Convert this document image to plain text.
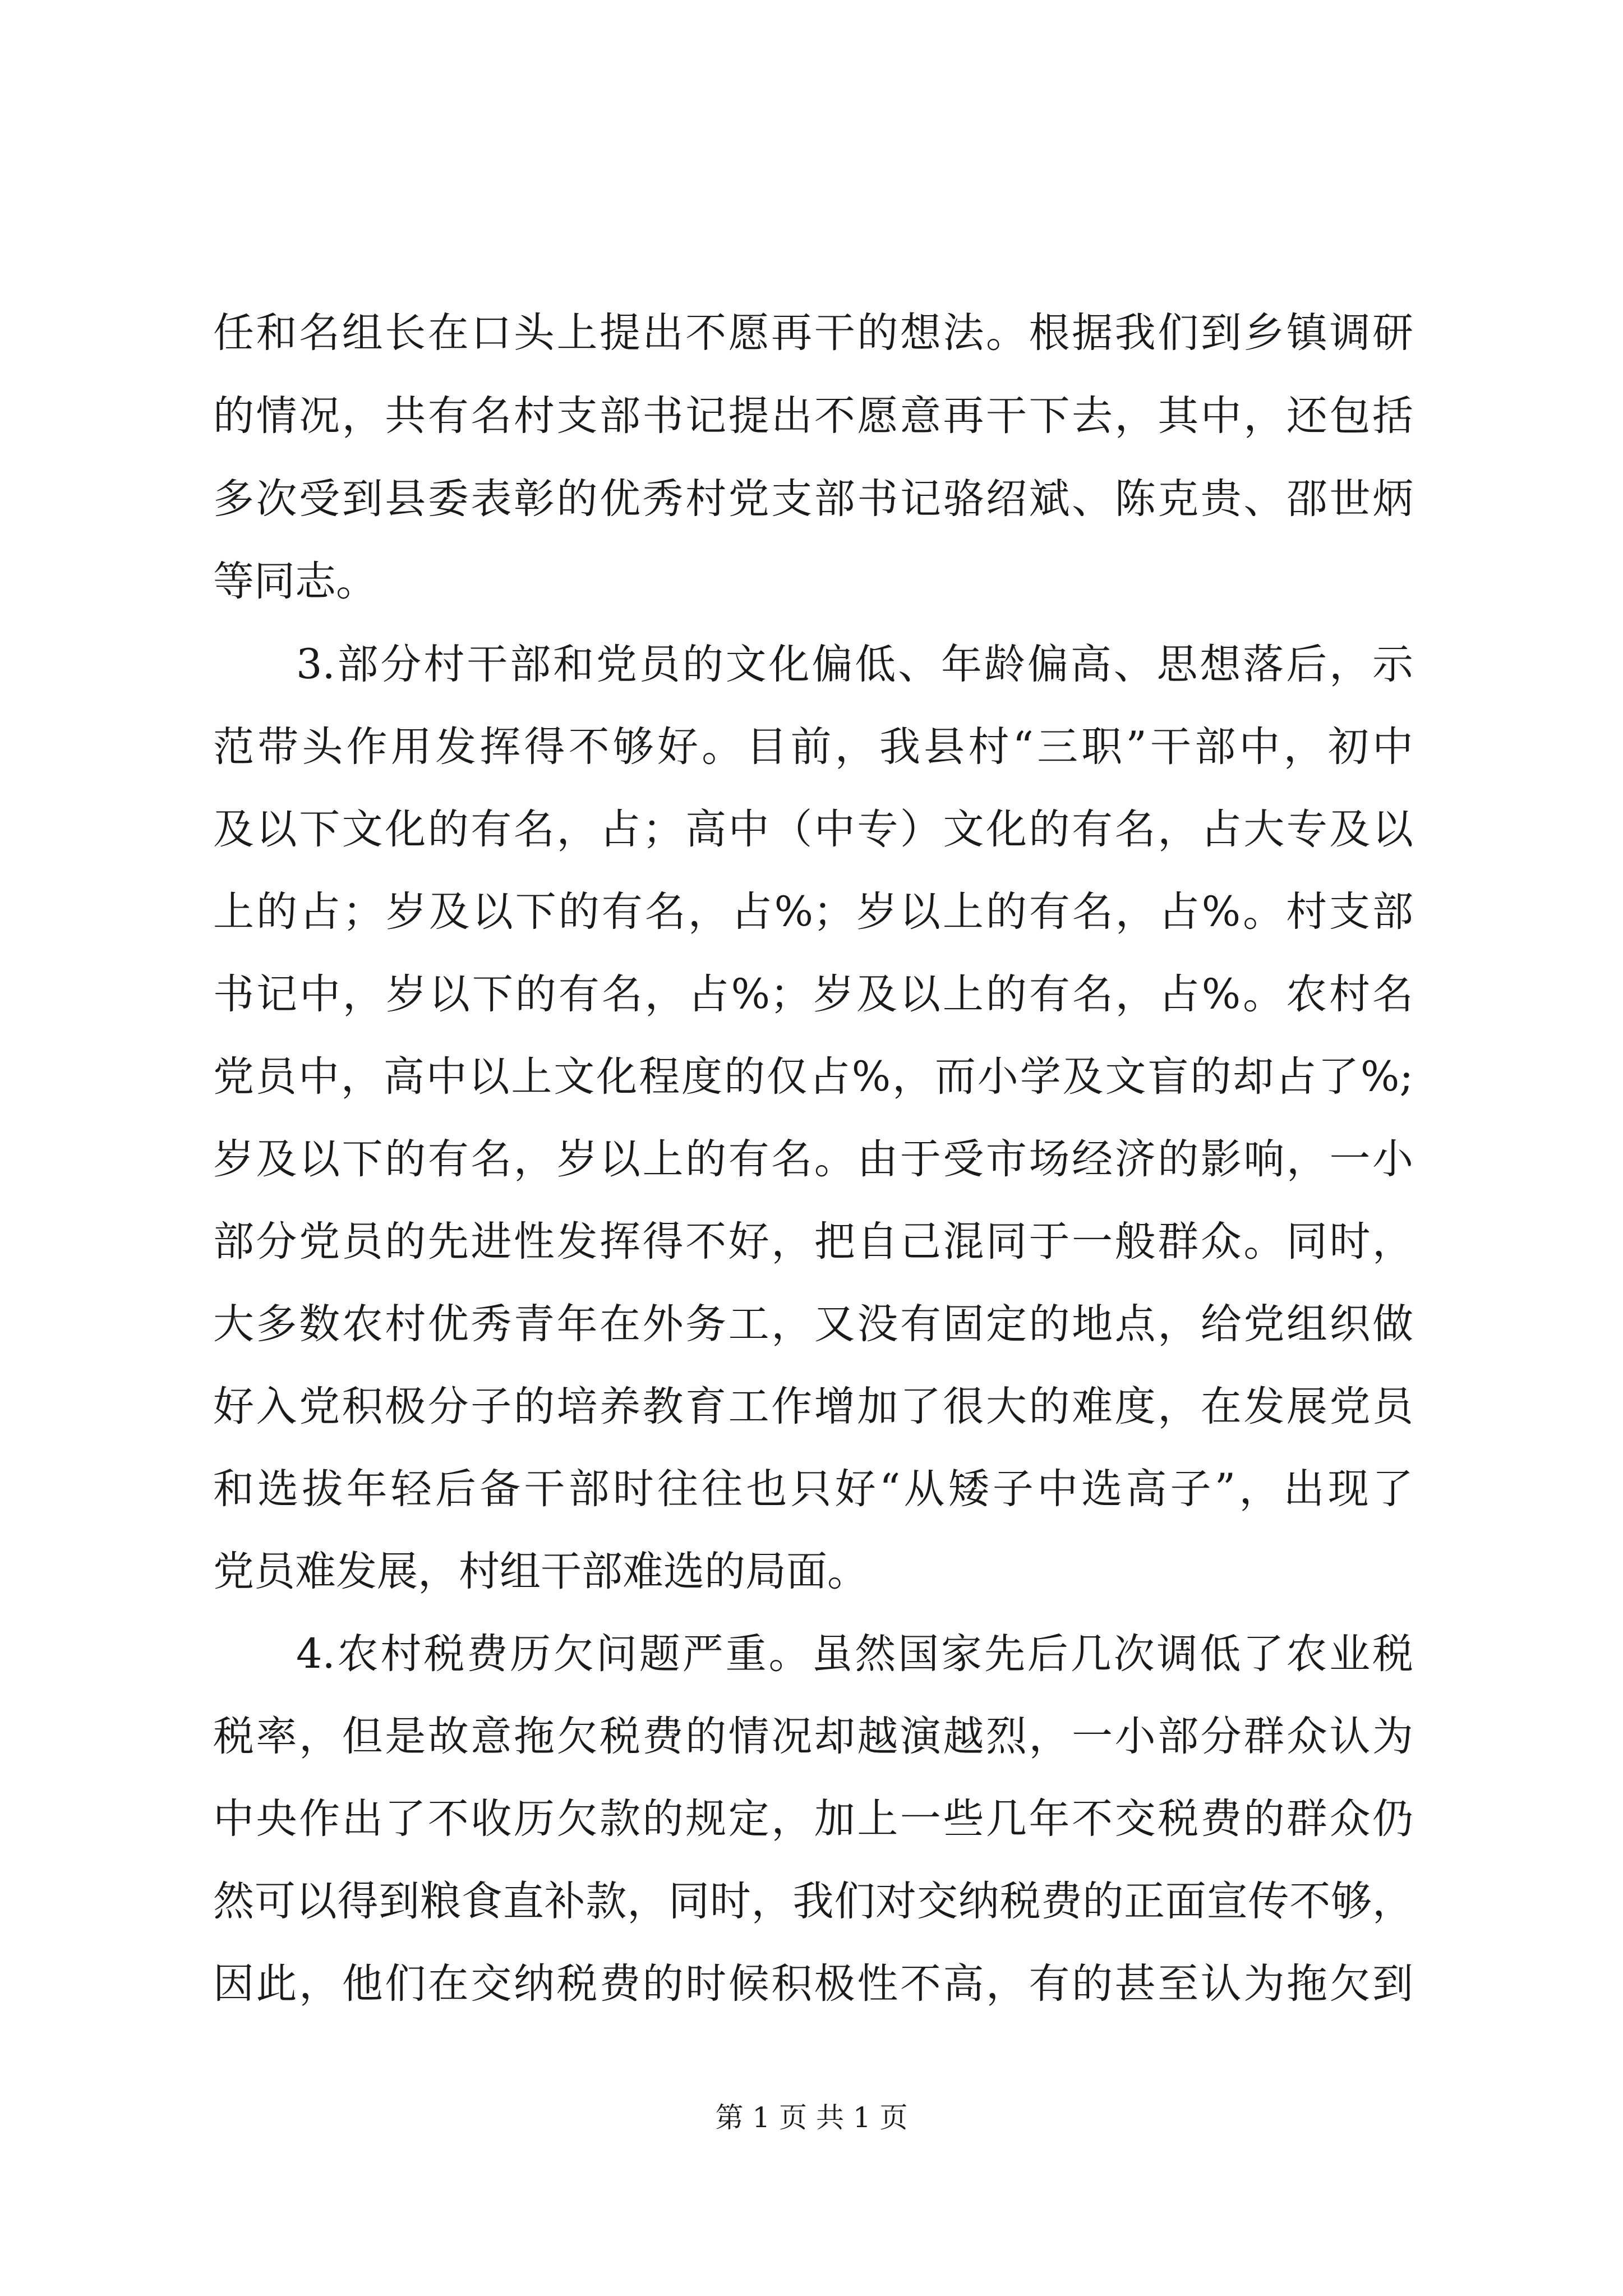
任和名组长在口头上提出不愿再干的想法。根据我们到乡镇调研
的情况，共有名村支部书记提出不愿意再干下去，其中，还包括
多次受到县委表彰的优秀村党支部书记骆绍斌、陈克贵、邵世炳
等同志。
3.部分村干部和党员的文化偏低、年龄偏高、思想落后，示
范带头作用发挥得不够好。目前，我县村“三职”干部中，初中
及以下文化的有名，占；高中（中专）文化的有名，占大专及以
上的占；岁及以下的有名，占%；岁以上的有名，占%。村支部
书记中，岁以下的有名，占%；岁及以上的有名，占%。农村名
党员中，高中以上文化程度的仅占%，而小学及文盲的却占了%;
岁及以下的有名，岁以上的有名。由于受市场经济的影响，一小
部分党员的先进性发挥得不好，把自己混同于一般群众。同时，
大多数农村优秀青年在外务工，又没有固定的地点，给党组织做
好入党积极分子的培养教育工作增加了很大的难度，在发展党员
和选拔年轻后备干部时往往也只好“从矮子中选高子”，出现了
党员难发展，村组干部难选的局面。
4.农村税费历欠问题严重。虽然国家先后几次调低了农业税
税率，但是故意拖欠税费的情况却越演越烈，一小部分群众认为
中央作出了不收历欠款的规定，加上一些几年不交税费的群众仍
然可以得到粮食直补款，同时，我们对交纳税费的正面宣传不够，
因此，他们在交纳税费的时候积极性不高，有的甚至认为拖欠到
第 1 页 共 1 页
